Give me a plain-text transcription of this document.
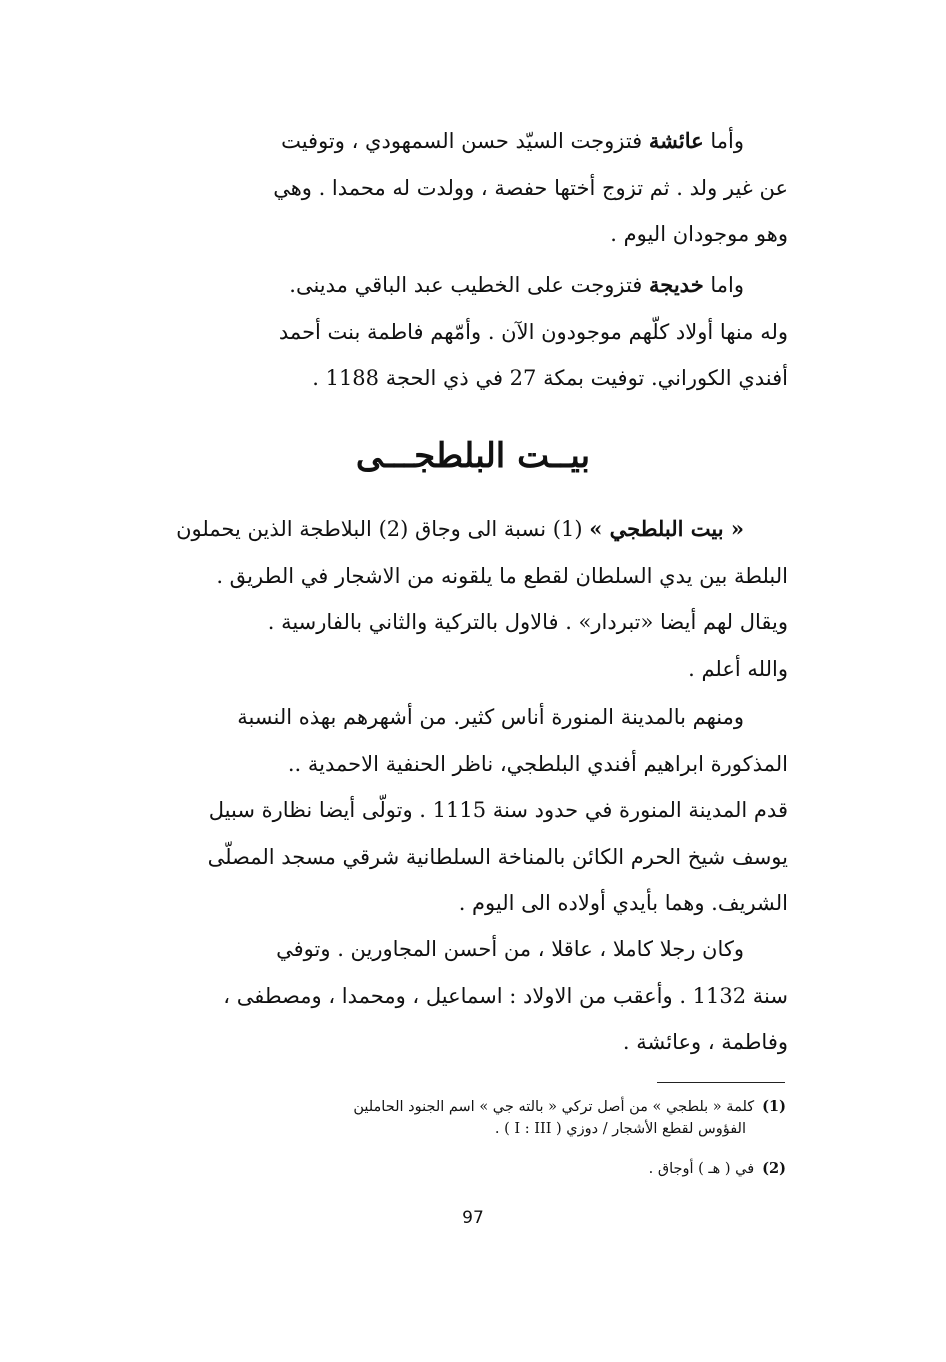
وأما عائشة فتزوجت السيّد حسن السمهودي ، وتوفيت

عن غير ولد . ثم تزوج أختها حفصة ، وولدت له محمدا . وهي

وهو موجودان اليوم .

واما خديجة فتزوجت على الخطيب عبد الباقي مدينى.

وله منها أولاد كلّهم موجودون الآن . وأمّهم فاطمة بنت أحمد

أفندي الكوراني. توفيت بمكة 27 في ذي الحجة 1188 .

بيــت البلطجـــى

« بيت البلطجي » (1) نسبة الى وجاق (2) البلاطجة الذين يحملون

البلطة بين يدي السلطان لقطع ما يلقونه من الاشجار في الطريق .

ويقال لهم أيضا «تبردار» . فالاول بالتركية والثاني بالفارسية .

والله أعلم .

ومنهم بالمدينة المنورة أناس كثير. من أشهرهم بهذه النسبة

المذكورة ابراهيم أفندي البلطجي، ناظر الحنفية الاحمدية ..

قدم المدينة المنورة في حدود سنة 1115 . وتولّى أيضا نظارة سبيل

يوسف شيخ الحرم الكائن بالمناخة السلطانية شرقي مسجد المصلّى

الشريف. وهما بأيدي أولاده الى اليوم .

وكان رجلا كاملا ، عاقلا ، من أحسن المجاورين . وتوفي

سنة 1132 . وأعقب من الاولاد : اسماعيل ، ومحمدا ، ومصطفى ،

وفاطمة ، وعائشة .

(1)كلمة « بلطجي » من أصل تركي « بالته جي » اسم الجنود الحاملين

الفؤوس لقطع الأشجار / دوزي ( I : III ) .

(2)في ( هـ ) أوجاق .

97
